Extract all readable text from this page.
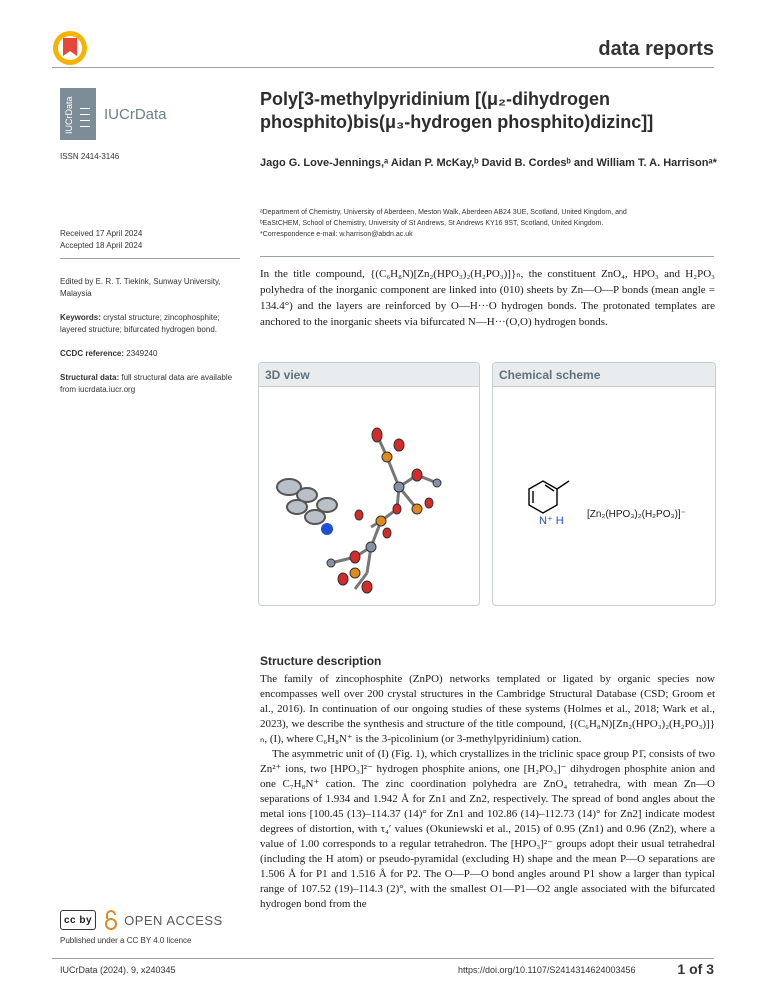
data reports
IUCrData IUCrData
ISSN 2414-3146
Received 17 April 2024
Accepted 18 April 2024
Edited by E. R. T. Tiekink, Sunway University, Malaysia
Keywords: crystal structure; zincophosphite; layered structure; bifurcated hydrogen bond.
CCDC reference: 2349240
Structural data: full structural data are available from iucrdata.iucr.org
Poly[3-methylpyridinium [(μ₂-dihydrogen
phosphito)bis(μ₃-hydrogen phosphito)dizinc]]
Jago G. Love-Jennings,ᵃ Aidan P. McKay,ᵇ David B. Cordesᵇ and William T. A. Harrisonᵃ*
ᵃDepartment of Chemistry, University of Aberdeen, Meston Walk, Aberdeen AB24 3UE, Scotland, United Kingdom, and
ᵇEaStCHEM, School of Chemistry, University of St Andrews, St Andrews KY16 9ST, Scotland, United Kingdom.
*Correspondence e-mail: w.harrison@abdn.ac.uk
In the title compound, {(C₆H₈N)[Zn₂(HPO₃)₂(H₂PO₃)]}ₙ, the constituent ZnO₄, HPO₃ and H₂PO₃ polyhedra of the inorganic component are linked into (010) sheets by Zn—O—P bonds (mean angle = 134.4°) and the layers are reinforced by O—H···O hydrogen bonds. The protonated templates are anchored to the inorganic sheets via bifurcated N—H···(O,O) hydrogen bonds.
3D view	Chemical scheme
N⁺ H
[Zn₂(HPO₃)₂(H₂PO₃)]⁻
Structure description

The family of zincophosphite (ZnPO) networks templated or ligated by organic species now encompasses well over 200 crystal structures in the Cambridge Structural Database (CSD; Groom et al., 2016). In continuation of our ongoing studies of these systems (Holmes et al., 2018; Wark et al., 2023), we describe the synthesis and structure of the title compound, {(C₆H₈N)[Zn₂(HPO₃)₂(H₂PO₃)]}ₙ, (I), where C₆H₈N⁺ is the 3-picolinium (or 3-methylpyridinium) cation.

The asymmetric unit of (I) (Fig. 1), which crystallizes in the triclinic space group P1̄, consists of two Zn²⁺ ions, two [HPO₃]²⁻ hydrogen phosphite anions, one [H₂PO₃]⁻ dihydrogen phosphite anion and one C₇H₈N⁺ cation. The zinc coordination polyhedra are ZnO₄ tetrahedra, with mean Zn—O separations of 1.934 and 1.942 Å for Zn1 and Zn2, respectively. The spread of bond angles about the metal ions [100.45 (13)–114.37 (14)° for Zn1 and 102.86 (14)–112.73 (14)° for Zn2] indicate modest degrees of distortion, with τ₄′ values (Okuniewski et al., 2015) of 0.95 (Zn1) and 0.96 (Zn2), where a value of 1.00 corresponds to a regular tetrahedron. The [HPO₃]²⁻ groups adopt their usual tetrahedral (including the H atom) or pseudo-pyramidal (excluding H) shape and the mean P—O separations are 1.506 Å for P1 and 1.516 Å for P2. The O—P—O bond angles around P1 show a larger than typical range of 107.52 (19)–114.3 (2)°, with the smallest O1—P1—O2 angle associated with the bifurcated hydrogen bond from the

cc by	OPEN ACCESS
Published under a CC BY 4.0 licence
IUCrData (2024). 9, x240345	https://doi.org/10.1107/S2414314624003456	1 of 3
